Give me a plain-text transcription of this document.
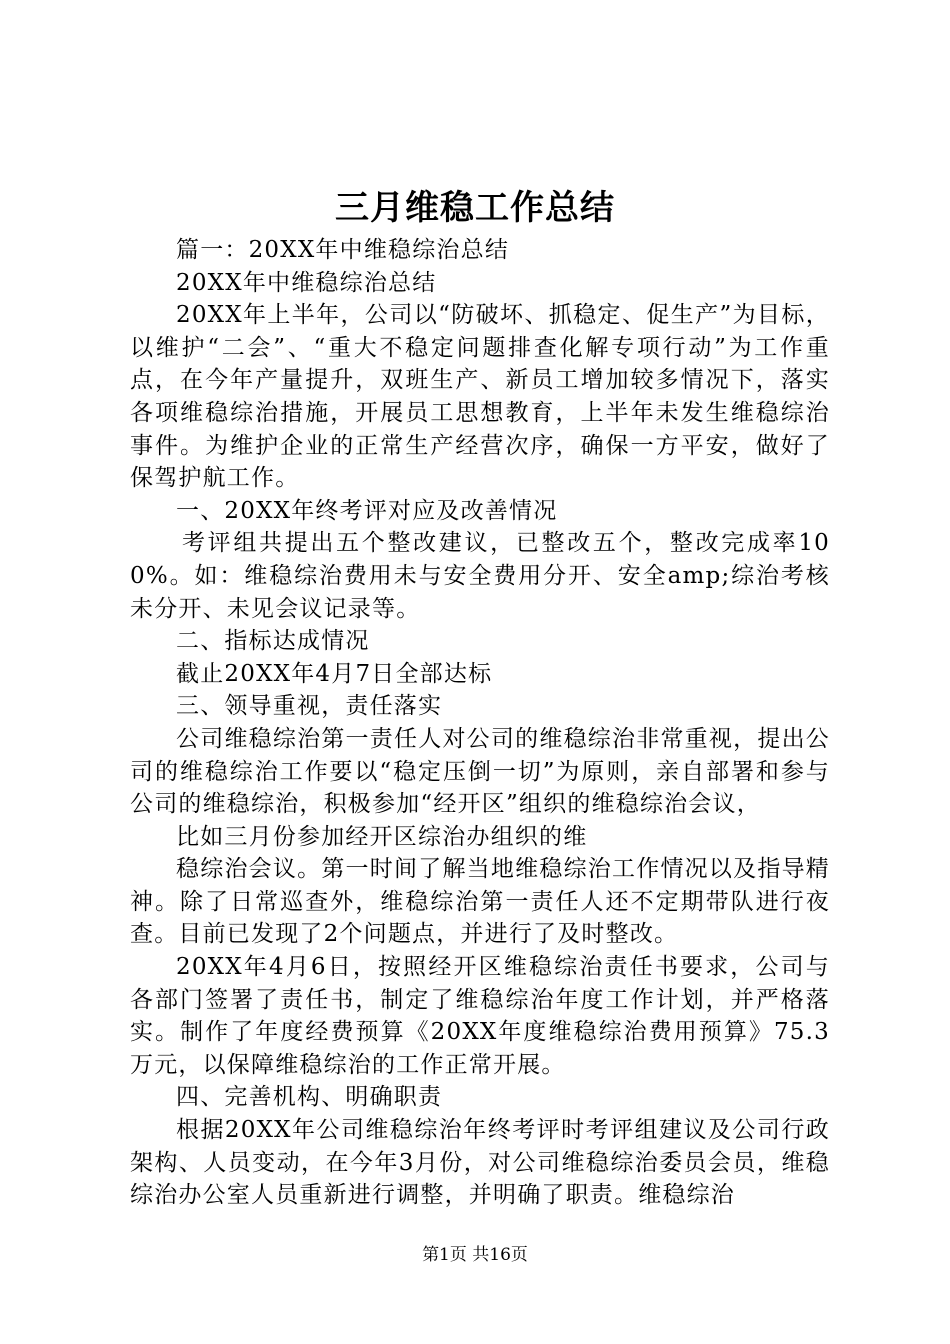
三月维稳工作总结

篇一：20XX年中维稳综治总结

20XX年中维稳综治总结

20XX年上半年，公司以“防破坏、抓稳定、促生产”为目标，以维护“二会”、“重大不稳定问题排查化解专项行动”为工作重点，在今年产量提升，双班生产、新员工增加较多情况下，落实各项维稳综治措施，开展员工思想教育，上半年未发生维稳综治事件。为维护企业的正常生产经营次序，确保一方平安，做好了保驾护航工作。

一、20XX年终考评对应及改善情况

考评组共提出五个整改建议，已整改五个，整改完成率100%。如：维稳综治费用未与安全费用分开、安全amp;综治考核未分开、未见会议记录等。

二、指标达成情况

截止20XX年4月7日全部达标

三、领导重视，责任落实

公司维稳综治第一责任人对公司的维稳综治非常重视，提出公司的维稳综治工作要以“稳定压倒一切”为原则，亲自部署和参与公司的维稳综治，积极参加“经开区”组织的维稳综治会议，

比如三月份参加经开区综治办组织的维

稳综治会议。第一时间了解当地维稳综治工作情况以及指导精神。除了日常巡查外，维稳综治第一责任人还不定期带队进行夜查。目前已发现了2个问题点，并进行了及时整改。

20XX年4月6日，按照经开区维稳综治责任书要求，公司与各部门签署了责任书，制定了维稳综治年度工作计划，并严格落实。制作了年度经费预算《20XX年度维稳综治费用预算》75.3万元，以保障维稳综治的工作正常开展。

四、完善机构、明确职责

根据20XX年公司维稳综治年终考评时考评组建议及公司行政架构、人员变动，在今年3月份，对公司维稳综治委员会员，维稳综治办公室人员重新进行调整，并明确了职责。维稳综治

第1页 共16页
